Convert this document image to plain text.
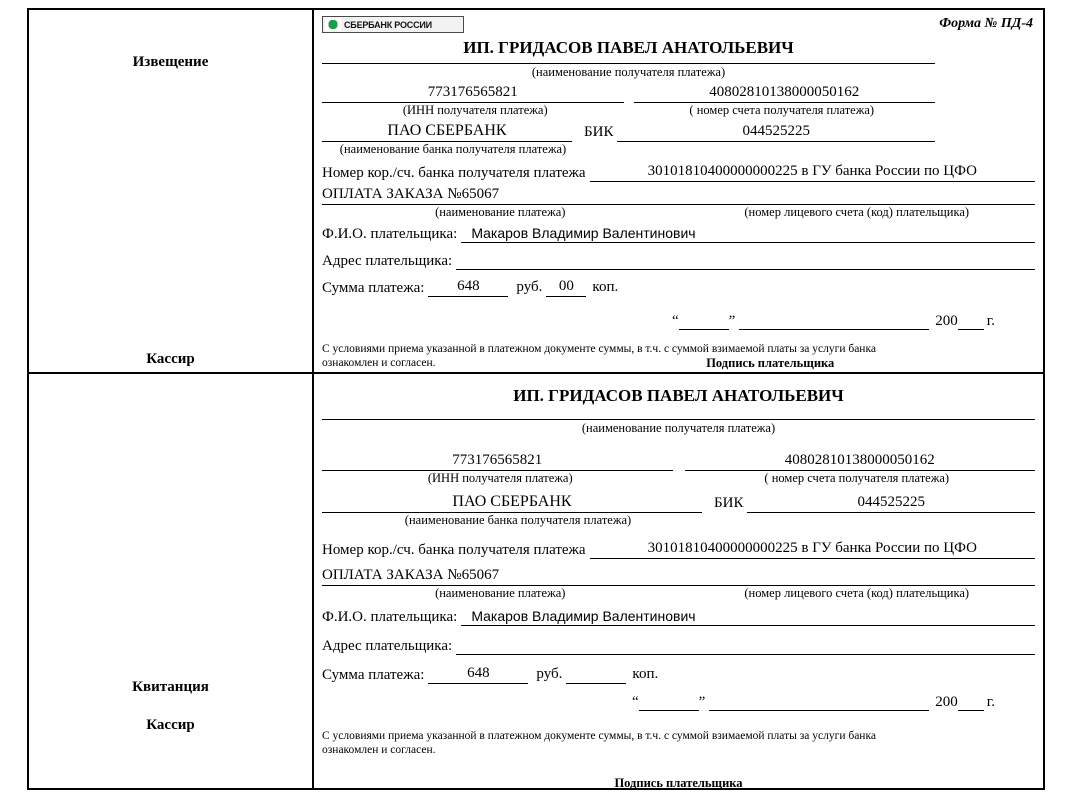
Извещение
Кассир
СБЕРБАНК РОССИИ	Форма № ПД-4
ИП. ГРИДАСОВ ПАВЕЛ АНАТОЛЬЕВИЧ
(наименование получателя платежа)
773176565821	40802810138000050162
(ИНН получателя платежа)	( номер счета получателя платежа)
ПАО СБЕРБАНК	БИК	044525225
(наименование банка получателя платежа)
Номер кор./сч. банка получателя платежа	30101810400000000225 в ГУ банка России по ЦФО
ОПЛАТА ЗАКАЗА №65067
(наименование платежа)	(номер лицевого счета (код) плательщика)
Ф.И.О. плательщика:	Макаров Владимир Валентинович
Адрес плательщика:
Сумма платежа:	648	руб.	00	коп.
“	”	200 г.
С условиями приема указанной в платежном документе суммы, в т.ч. с суммой взимаемой платы за услуги банка
ознакомлен и согласен.	Подпись плательщика
Квитанция
Кассир
ИП. ГРИДАСОВ ПАВЕЛ АНАТОЛЬЕВИЧ
(наименование получателя платежа)
773176565821	40802810138000050162
(ИНН получателя платежа)	( номер счета получателя платежа)
ПАО СБЕРБАНК	БИК	044525225
(наименование банка получателя платежа)
Номер кор./сч. банка получателя платежа	30101810400000000225 в ГУ банка России по ЦФО
ОПЛАТА ЗАКАЗА №65067
(наименование платежа)	(номер лицевого счета (код) плательщика)
Ф.И.О. плательщика:	Макаров Владимир Валентинович
Адрес плательщика:
Сумма платежа:	648	руб.	коп.
“	”	200 г.
С условиями приема указанной в платежном документе суммы, в т.ч. с суммой взимаемой платы за услуги банка
ознакомлен и согласен.
Подпись плательщика
